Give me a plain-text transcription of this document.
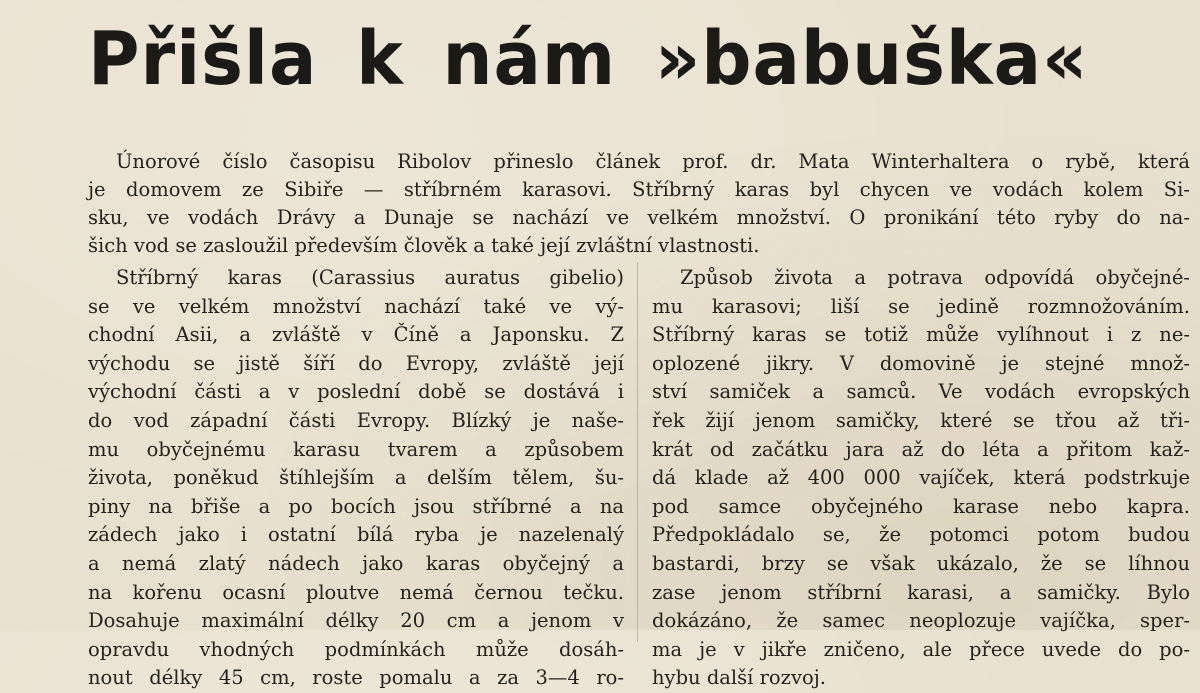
Přišla k nám »babuška«

Únorové číslo časopisu Ribolov přineslo článek prof. dr. Mata Winterhaltera o rybě, která
je domovem ze Sibiře — stříbrném karasovi. Stříbrný karas byl chycen ve vodách kolem Si-
sku, ve vodách Drávy a Dunaje se nachází ve velkém množství. O pronikání této ryby do na-
šich vod se zasloužil především člověk a také její zvláštní vlastnosti.

Stříbrný karas (Carassius auratus gibelio)
se ve velkém množství nachází také ve vý-
chodní Asii, a zvláště v Číně a Japonsku. Z
východu se jistě šíří do Evropy, zvláště její
východní části a v poslední době se dostává i
do vod západní části Evropy. Blízký je naše-
mu obyčejnému karasu tvarem a způsobem
života, poněkud štíhlejším a delším tělem, šu-
piny na břiše a po bocích jsou stříbrné a na
zádech jako i ostatní bílá ryba je nazelenalý
a nemá zlatý nádech jako karas obyčejný a
na kořenu ocasní ploutve nemá černou tečku.
Dosahuje maximální délky 20 cm a jenom v
opravdu vhodných podmínkách může dosáh-
nout délky 45 cm, roste pomalu a za 3—4 ro-

Způsob života a potrava odpovídá obyčejné-
mu karasovi; liší se jedině rozmnožováním.
Stříbrný karas se totiž může vylíhnout i z ne-
oplozené jikry. V domovině je stejné množ-
ství samiček a samců. Ve vodách evropských
řek žijí jenom samičky, které se třou až tři-
krát od začátku jara až do léta a přitom kaž-
dá klade až 400 000 vajíček, která podstrkuje
pod samce obyčejného karase nebo kapra.
Předpokládalo se, že potomci potom budou
bastardi, brzy se však ukázalo, že se líhnou
zase jenom stříbrní karasi, a samičky. Bylo
dokázáno, že samec neoplozuje vajíčka, sper-
ma je v jikře zničeno, ale přece uvede do po-
hybu další rozvoj.
